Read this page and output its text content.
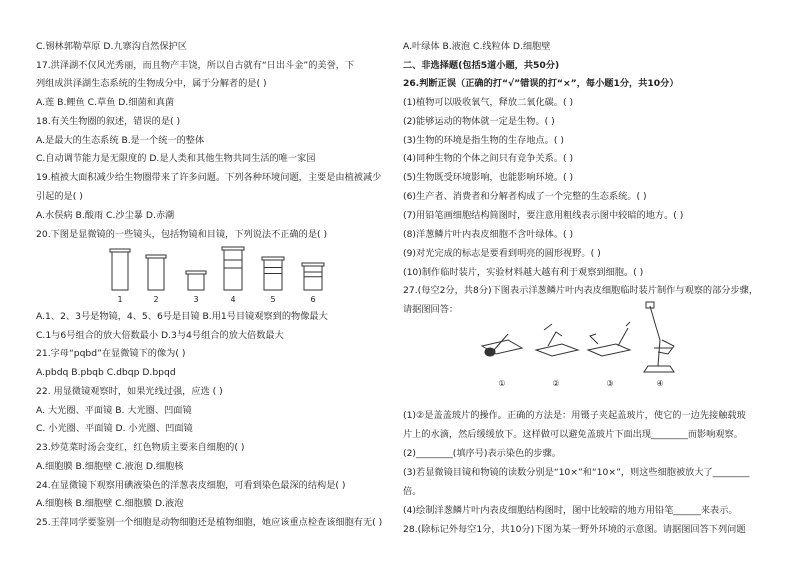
C.锡林郭勒草原 D.九寨沟自然保护区
17.洪泽湖不仅风光秀丽，而且物产丰饶，所以自古就有“日出斗金”的美誉，下
列组成洪泽湖生态系统的生物成分中，属于分解者的是( )
A.莲 B.鲤鱼 C.草鱼 D.细菌和真菌
18.有关生物圈的叙述，错误的是( )
A.是最大的生态系统 B.是一个统一的整体
C.自动调节能力是无限度的 D.是人类和其他生物共同生活的唯一家园
19.植被大面积减少给生物圈带来了许多问题。下列各种环境问题，主要是由植被减少
引起的是( )
A.水俣病 B.酸雨 C.沙尘暴 D.赤潮
20.下图是显微镜的一些镜头，包括物镜和目镜，下列说法不正确的是( )
A.1、2、3号是物镜，4、5、6号是目镜 B.用1号目镜观察到的物像最大
C.1与6号组合的放大倍数最小 D.3与4号组合的放大倍数最大
21.字母“pqbd”在显微镜下的像为( )
A.pbdq B.pbqb C.dbqp D.bpqd
22. 用显微镜观察时，如果光线过强，应选 ( )
A. 大光圈、平面镜 B. 大光圈、凹面镜
C. 小光圈、平面镜 D. 小光圈、凹面镜
23.炒苋菜时汤会变红，红色物质主要来自细胞的( )
A.细胞膜 B.细胞壁 C.液泡 D.细胞核
24.在显微镜下观察用碘液染色的洋葱表皮细胞，可看到染色最深的结构是( )
A.细胞核 B.细胞壁 C.细胞膜 D.液泡
25.王萍同学要鉴别一个细胞是动物细胞还是植物细胞，她应该重点检查该细胞有无( )
1	2	3	4	5	6
A.叶绿体 B.液泡 C.线粒体 D.细胞壁
二、非选择题(包括5道小题，共50分)
26.判断正误（正确的打“√”错误的打“×”，每小题1分，共10分）
(1)植物可以吸收氧气，释放二氧化碳。( )
(2)能够运动的物体就一定是生物。( )
(3)生物的环境是指生物的生存地点。( )
(4)同种生物的个体之间只有竞争关系。( )
(5)生物既受环境影响，也能影响环境。( )
(6)生产者、消费者和分解者构成了一个完整的生态系统。( )
(7)用铅笔画细胞结构简图时，要注意用粗线表示图中较暗的地方。( )
(8)洋葱鳞片叶内表皮细胞不含叶绿体。( )
(9)对光完成的标志是要看到明亮的圆形视野。( )
(10)制作临时装片，实验材料越大越有利于观察到细胞。( )
27.(每空2分，共8分)下图表示洋葱鳞片叶内表皮细胞临时装片制作与观察的部分步骤，
请据图回答：
(1)②是盖盖玻片的操作。正确的方法是：用镊子夹起盖玻片，使它的一边先接触载玻
片上的水滴，然后缓缓放下。这样做可以避免盖玻片下面出现________而影响观察。
(2)________(填序号)表示染色的步骤。
(3)若显微镜目镜和物镜的读数分别是“10×”和“10×”，则这些细胞被放大了________
倍。
(4)绘制洋葱鳞片叶内表皮细胞结构图时，图中比较暗的地方用铅笔______来表示。
28.(除标记外每空1分，共10分)下图为某一野外环境的示意图。请据图回答下列问题
①	②	③	④
